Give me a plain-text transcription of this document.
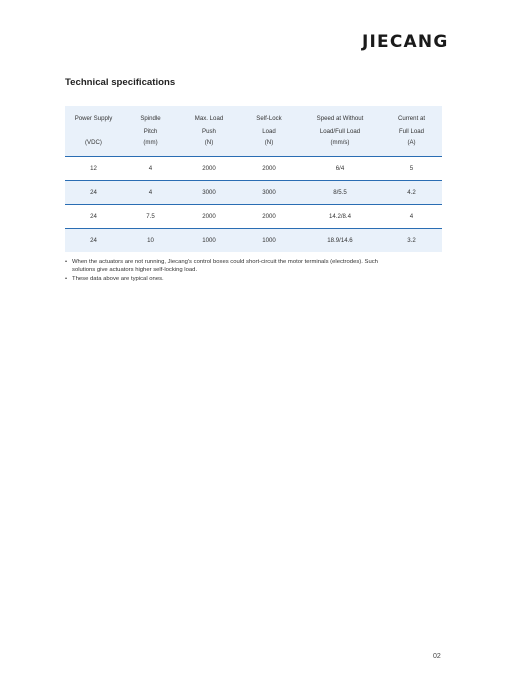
JIECANG
Technical specifications
Power Supply	Spindle	Max. Load	Self-Lock	Speed at Without	Current at
	Pitch	Push	Load	Load/Full Load	Full Load
(VDC)	(mm)	(N)	(N)	(mm/s)	(A)
12	4	2000	2000	6/4	5
24	4	3000	3000	8/5.5	4.2
24	7.5	2000	2000	14.2/8.4	4
24	10	1000	1000	18.9/14.6	3.2
• When the actuators are not running, Jiecang's control boxes could short-circuit the motor terminals (electrodes). Such solutions give actuators higher self-locking load.
• These data above are typical ones.
02
